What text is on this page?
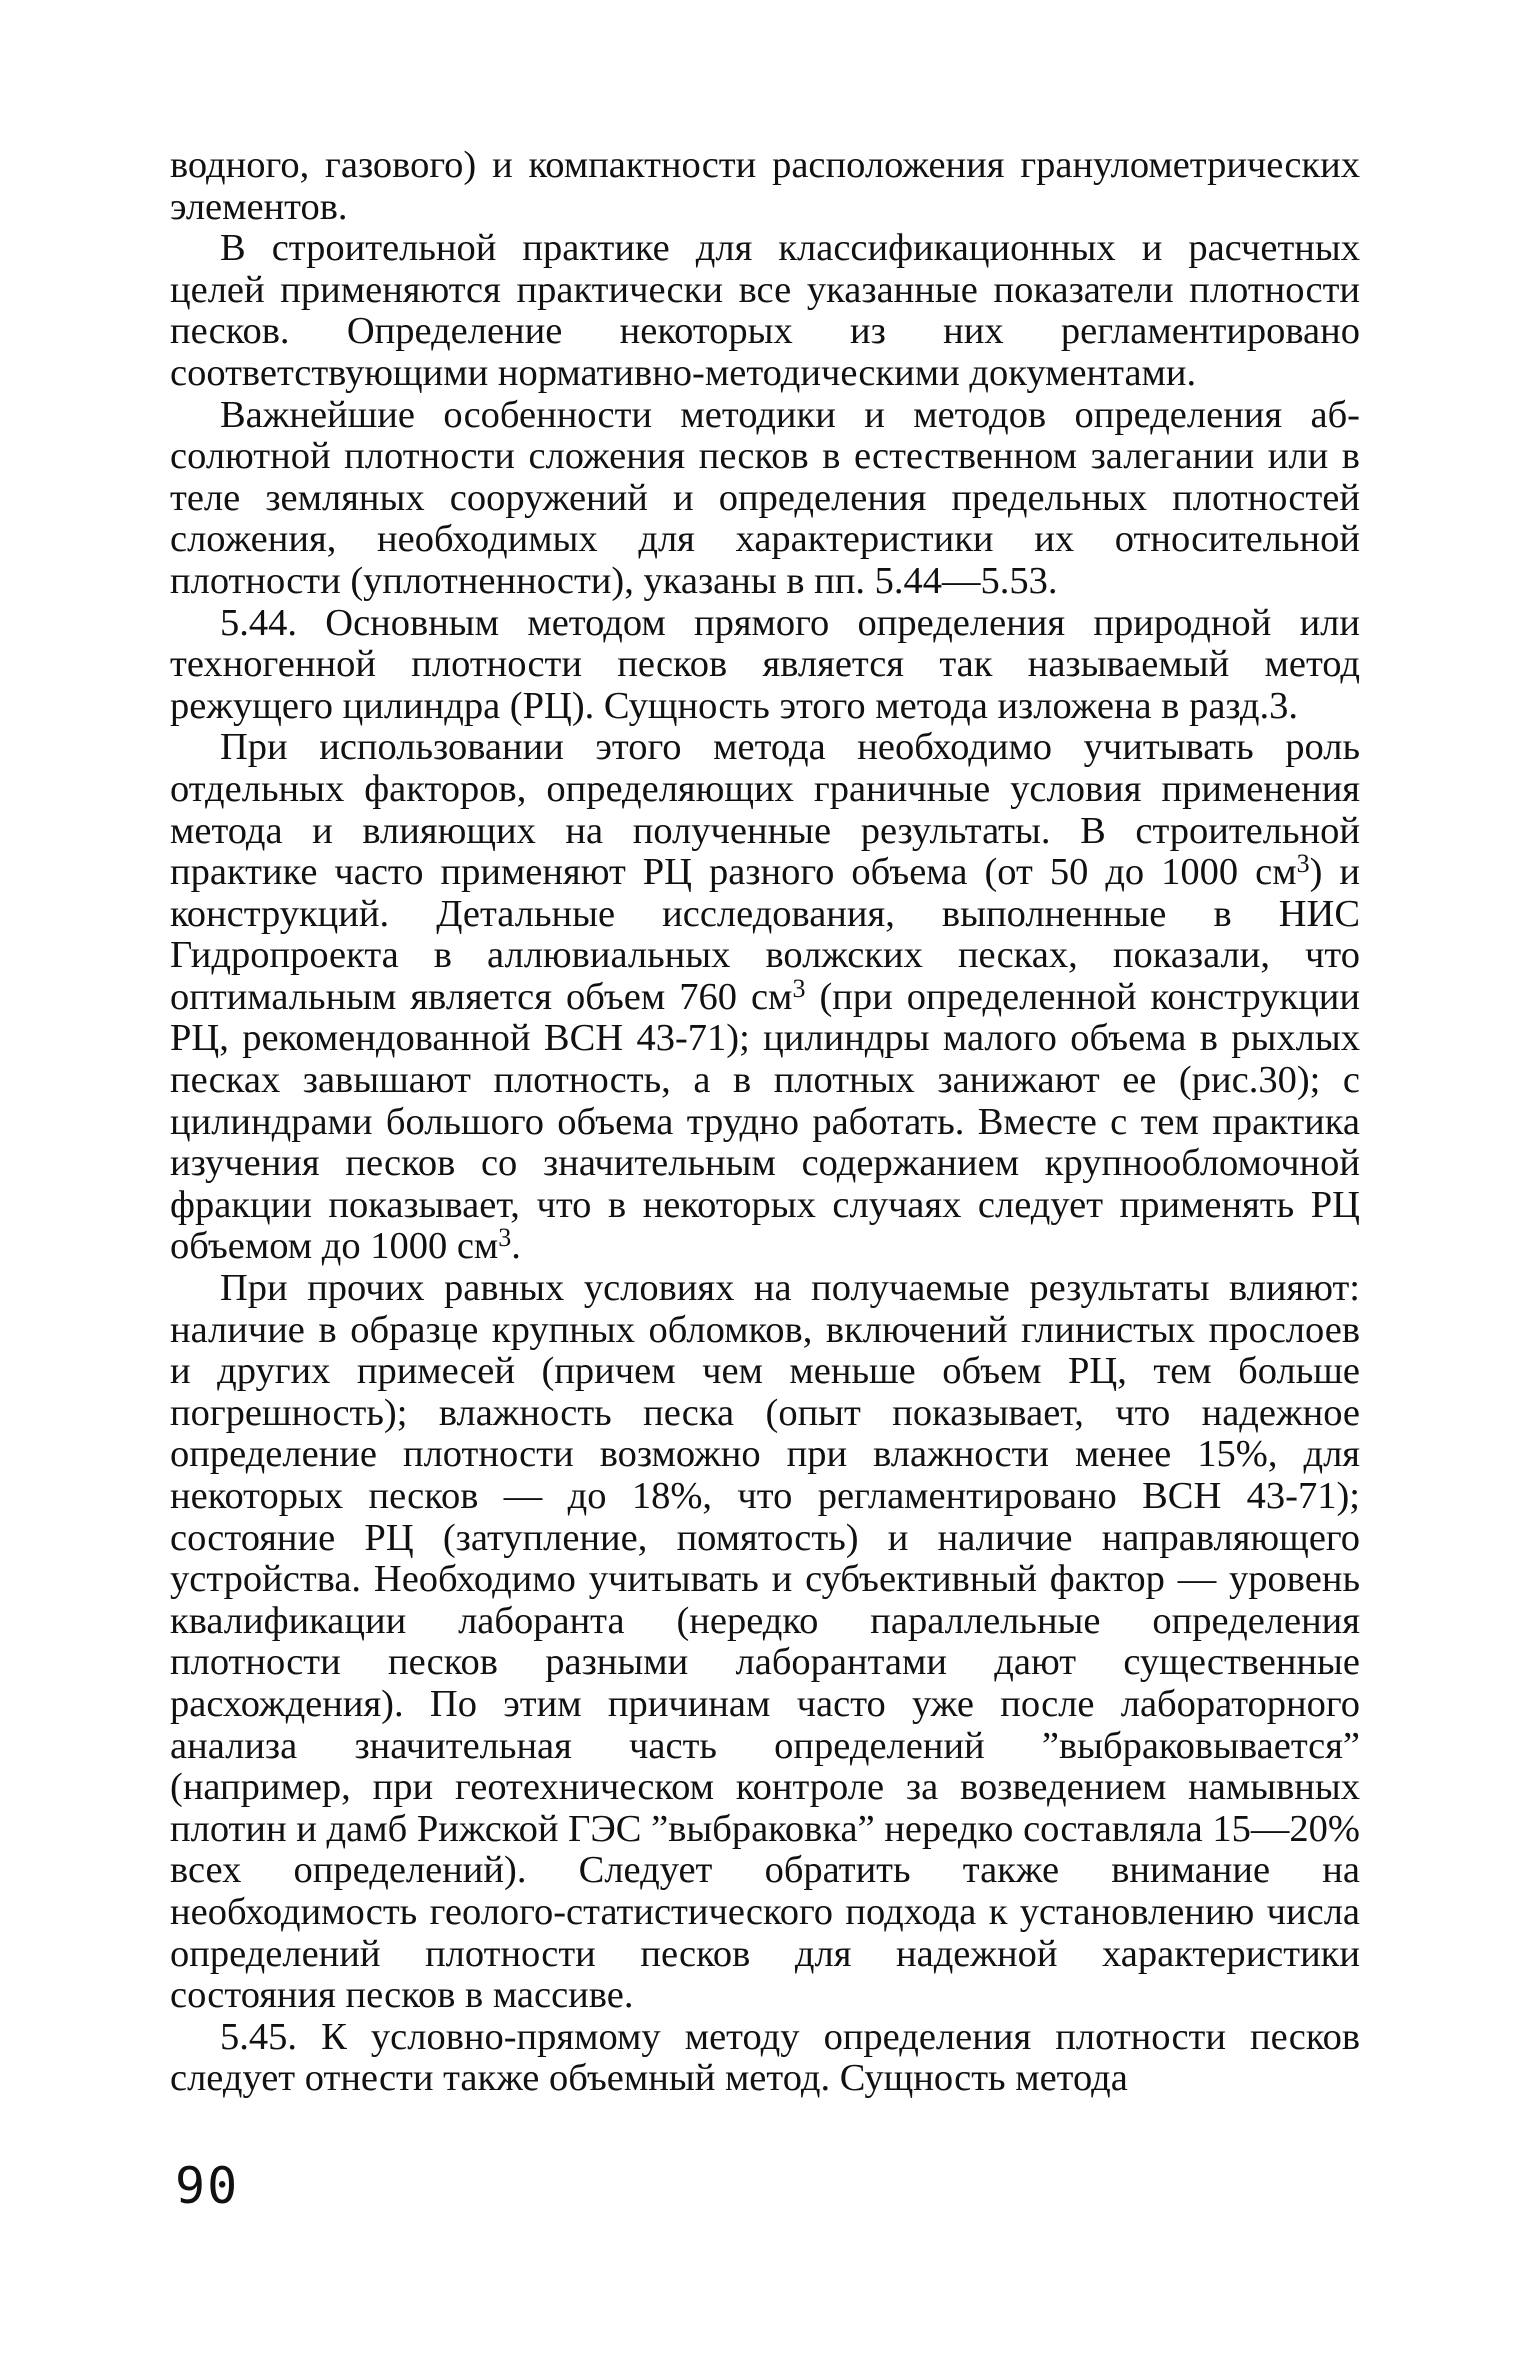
водного, газового) и компактности расположения гранулометрических элементов.

В строительной практике для классификационных и расчетных целей применяются практически все указанные показатели плотности песков. Определение некоторых из них регламентировано соответствующими нормативно-методическими документами.

Важнейшие особенности методики и методов определения абсолютной плотности сложения песков в естественном залегании или в теле земляных сооружений и определения предельных плотностей сложения, необходимых для характеристики их относительной плотности (уплотненности), указаны в пп. 5.44—5.53.

5.44. Основным методом прямого определения природной или техногенной плотности песков является так называемый метод режущего цилиндра (РЦ). Сущность этого метода изложена в разд.3.

При использовании этого метода необходимо учитывать роль отдельных факторов, определяющих граничные условия применения метода и влияющих на полученные результаты. В строительной практике часто применяют РЦ разного объема (от 50 до 1000 $см^3$) и конструкций. Детальные исследования, выполненные в НИС Гидропроекта в аллювиальных волжских песках, показали, что оптимальным является объем 760 $см^3$ (при определенной конструкции РЦ, рекомендованной ВСН 43-71); цилиндры малого объема в рыхлых песках завышают плотность, а в плотных занижают ее (рис.30); с цилиндрами большого объема трудно работать. Вместе с тем практика изучения песков со значительным содержанием крупнообломочной фракции показывает, что в некоторых случаях следует применять РЦ объемом до 1000 $см^3$.

При прочих равных условиях на получаемые результаты влияют: наличие в образце крупных обломков, включений глинистых прослоев и других примесей (причем чем меньше объем РЦ, тем больше погрешность); влажность песка (опыт показывает, что надежное определение плотности возможно при влажности менее 15%, для некоторых песков — до 18%, что регламентировано ВСН 43-71); состояние РЦ (затупление, помятость) и наличие направляющего устройства. Необходимо учитывать и субъективный фактор — уровень квалификации лаборанта (нередко параллельные определения плотности песков разными лаборантами дают существенные расхождения). По этим причинам часто уже после лабораторного анализа значительная часть определений ”выбраковывается” (например, при геотехническом контроле за возведением намывных плотин и дамб Рижской ГЭС ”выбраковка” нередко составляла 15—20% всех определений). Следует обратить также внимание на необходимость геолого-статистического подхода к установлению числа определений плотности песков для надежной характеристики состояния песков в массиве.

5.45. К условно-прямому методу определения плотности песков следует отнести также объемный метод. Сущность метода

90
